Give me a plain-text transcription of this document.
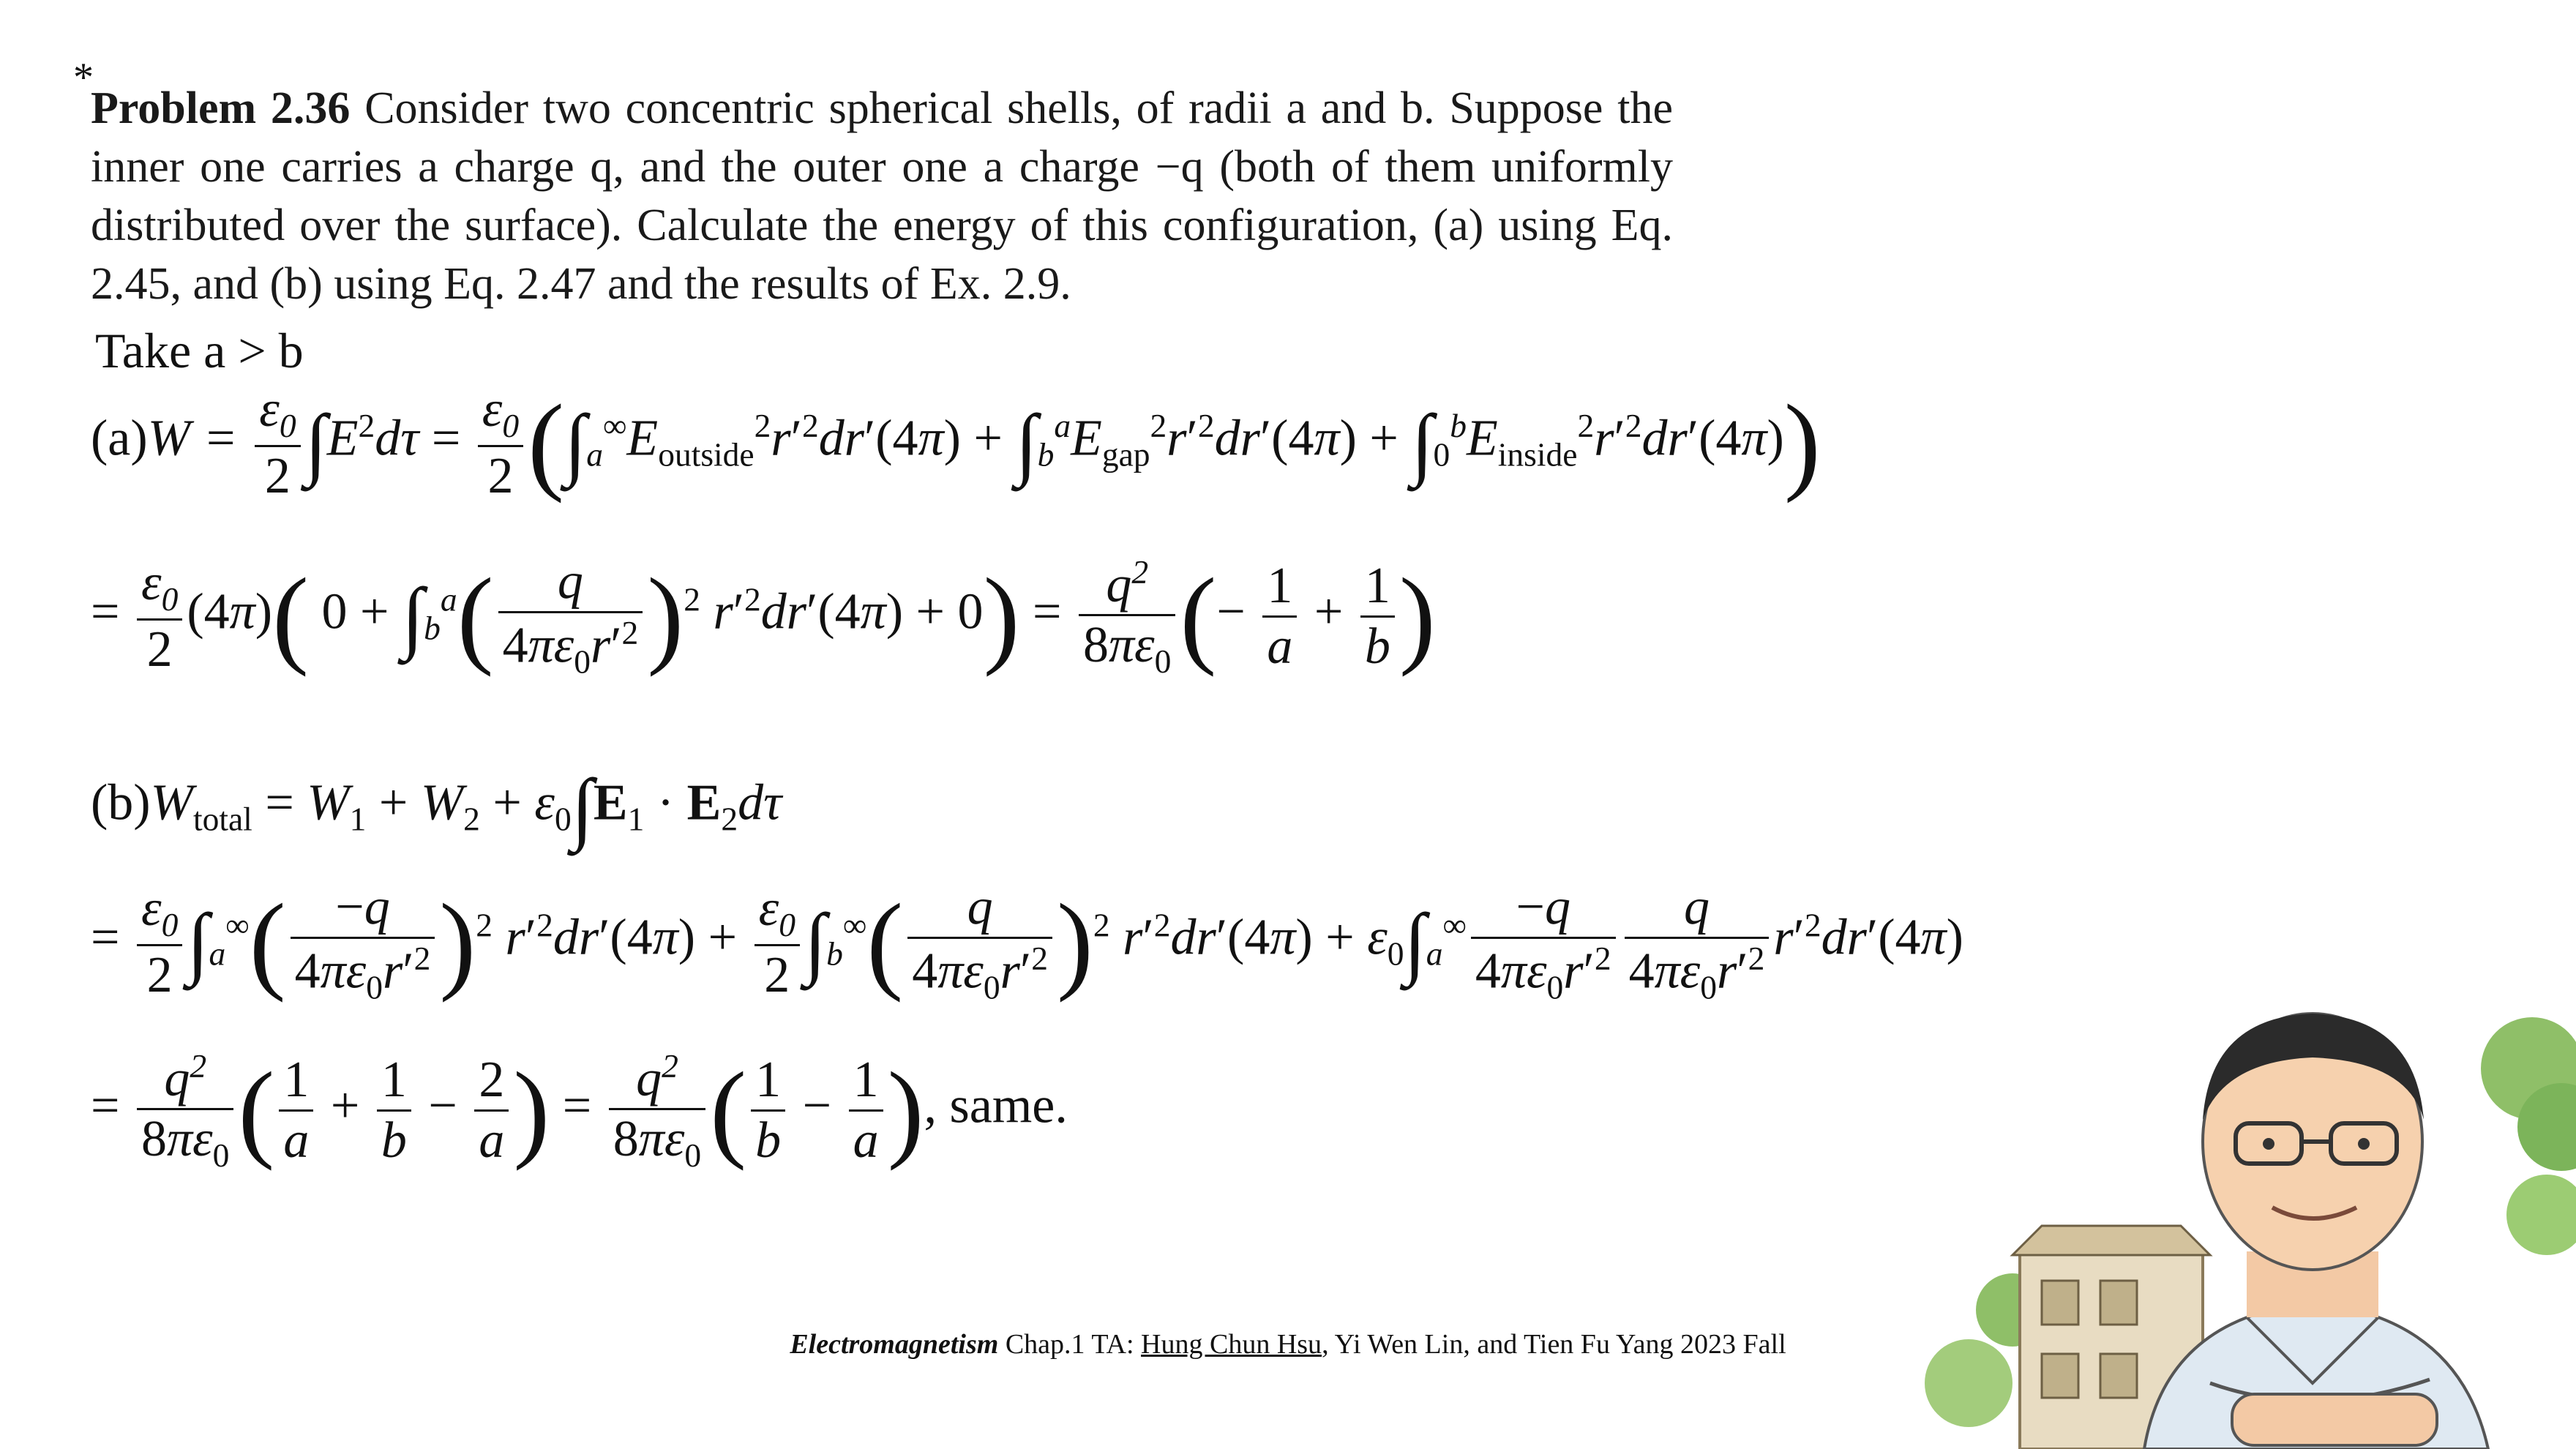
*
Problem 2.36 Consider two concentric spherical shells, of radii a and b. Suppose the inner one carries a charge q, and the outer one a charge −q (both of them uniformly distributed over the surface). Calculate the energy of this configuration, (a) using Eq. 2.45, and (b) using Eq. 2.47 and the results of Ex. 2.9.
Take a > b
$(a)W = \frac{\varepsilon_0}{2} \int E^2d\tau = \frac{\varepsilon_0}{2} (\int_a^\infty E_{outside}^2r'^2dr'(4\pi) + \int_b^aE_{gap}^2r'^2dr'(4\pi) + \int_0^bE_{inside}^2r'^2dr'(4\pi))$
= $\frac{\varepsilon_0}{2} (4\pi)$( $0 + \int_b^a( \frac{q}{4\pi\varepsilon_0r'^2} )^2$ $r'^2dr'(4\pi) + 0) = \frac{q^2}{8\pi\varepsilon_0}$ (− $\frac{1}{a} + \frac{1}{b}$ )
$(b)W_{total} = W_1 + W_2 + \varepsilon_0\int E_1 \cdot E_2d\tau$
= $\frac{\varepsilon_0}{2} \int_a^\infty( \frac{-q}{4\pi\varepsilon_0r'^2} )^2$ $r'^2dr'(4\pi) + \frac{\varepsilon_0}{2} \int_b^\infty( \frac{q}{4\pi\varepsilon_0r'^2} )^2$ $r'^2dr'(4\pi) + \varepsilon_0\int_a^\infty \frac{-q}{4\pi\varepsilon_0r'^2} \frac{q}{4\pi\varepsilon_0r'^2} r'^2dr'(4\pi)$
= $\frac{q^2}{8\pi\varepsilon_0}$ ( $\frac{1}{a} + \frac{1}{b} - \frac{2}{a}$ ) = $\frac{q^2}{8\pi\varepsilon_0}$ ( $\frac{1}{b} - \frac{1}{a}$ ), same.
Electromagnetism Chap.1 TA: Hung Chun Hsu, Yi Wen Lin, and Tien Fu Yang 2023 Fall
